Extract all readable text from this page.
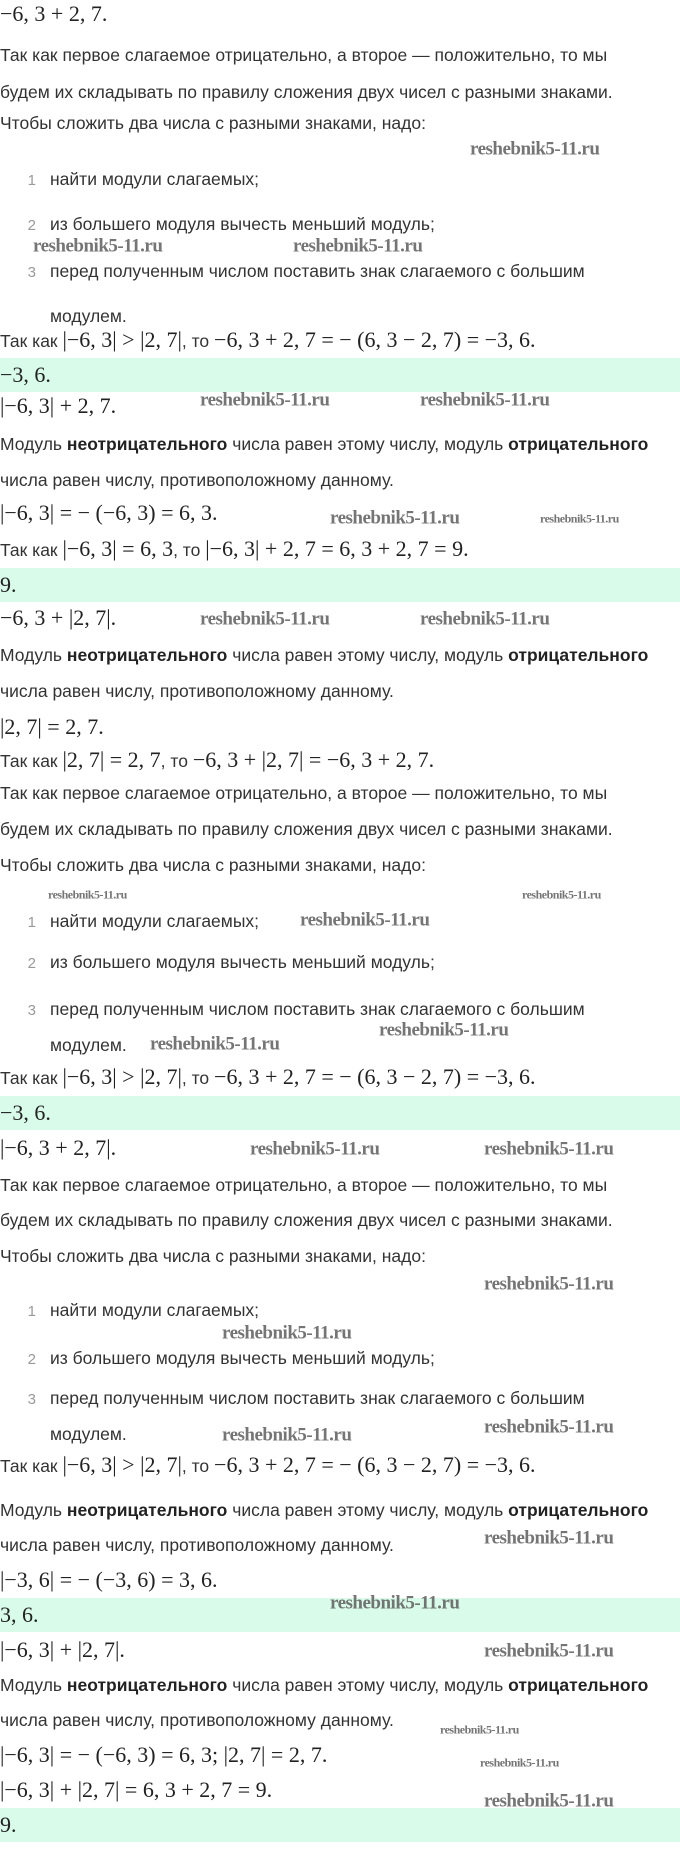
−6, 3 + 2, 7.
Так как первое слагаемое отрицательно, а второе — положительно, то мы
будем их складывать по правилу сложения двух чисел с разными знаками.
Чтобы сложить два числа с разными знаками, надо:
1 найти модули слагаемых;
2 из большего модуля вычесть меньший модуль;
3 перед полученным числом поставить знак слагаемого с большим
модулем.
Так как |−6, 3| > |2, 7|, то −6, 3 + 2, 7 = − (6, 3 − 2, 7) = −3, 6.
−3, 6.
|−6, 3| + 2, 7.
Модуль неотрицательного числа равен этому числу, модуль отрицательного
числа равен числу, противоположному данному.
|−6, 3| = − (−6, 3) = 6, 3.
Так как |−6, 3| = 6, 3, то |−6, 3| + 2, 7 = 6, 3 + 2, 7 = 9.
9.
−6, 3 + |2, 7|.
Модуль неотрицательного числа равен этому числу, модуль отрицательного
числа равен числу, противоположному данному.
|2, 7| = 2, 7.
Так как |2, 7| = 2, 7, то −6, 3 + |2, 7| = −6, 3 + 2, 7.
Так как первое слагаемое отрицательно, а второе — положительно, то мы
будем их складывать по правилу сложения двух чисел с разными знаками.
Чтобы сложить два числа с разными знаками, надо:
1 найти модули слагаемых;
2 из большего модуля вычесть меньший модуль;
3 перед полученным числом поставить знак слагаемого с большим
модулем.
Так как |−6, 3| > |2, 7|, то −6, 3 + 2, 7 = − (6, 3 − 2, 7) = −3, 6.
−3, 6.
|−6, 3 + 2, 7|.
Так как первое слагаемое отрицательно, а второе — положительно, то мы
будем их складывать по правилу сложения двух чисел с разными знаками.
Чтобы сложить два числа с разными знаками, надо:
1 найти модули слагаемых;
2 из большего модуля вычесть меньший модуль;
3 перед полученным числом поставить знак слагаемого с большим
модулем.
Так как |−6, 3| > |2, 7|, то −6, 3 + 2, 7 = − (6, 3 − 2, 7) = −3, 6.
Модуль неотрицательного числа равен этому числу, модуль отрицательного
числа равен числу, противоположному данному.
|−3, 6| = − (−3, 6) = 3, 6.
3, 6.
|−6, 3| + |2, 7|.
Модуль неотрицательного числа равен этому числу, модуль отрицательного
числа равен числу, противоположному данному.
|−6, 3| = − (−6, 3) = 6, 3; |2, 7| = 2, 7.
|−6, 3| + |2, 7| = 6, 3 + 2, 7 = 9.
9.
reshebnik5-11.ru
reshebnik5-11.ru	reshebnik5-11.ru
reshebnik5-11.ru	reshebnik5-11.ru
reshebnik5-11.ru	reshebnik5-11.ru
reshebnik5-11.ru	reshebnik5-11.ru
reshebnik5-11.ru
reshebnik5-11.ru
reshebnik5-11.ru
reshebnik5-11.ru
reshebnik5-11.ru
reshebnik5-11.ru
reshebnik5-11.ru
reshebnik5-11.ru
reshebnik5-11.ru
reshebnik5-11.ru
reshebnik5-11.ru
reshebnik5-11.ru
reshebnik5-11.ru
reshebnik5-11.ru
reshebnik5-11.ru
reshebnik5-11.ru
reshebnik5-11.ru
